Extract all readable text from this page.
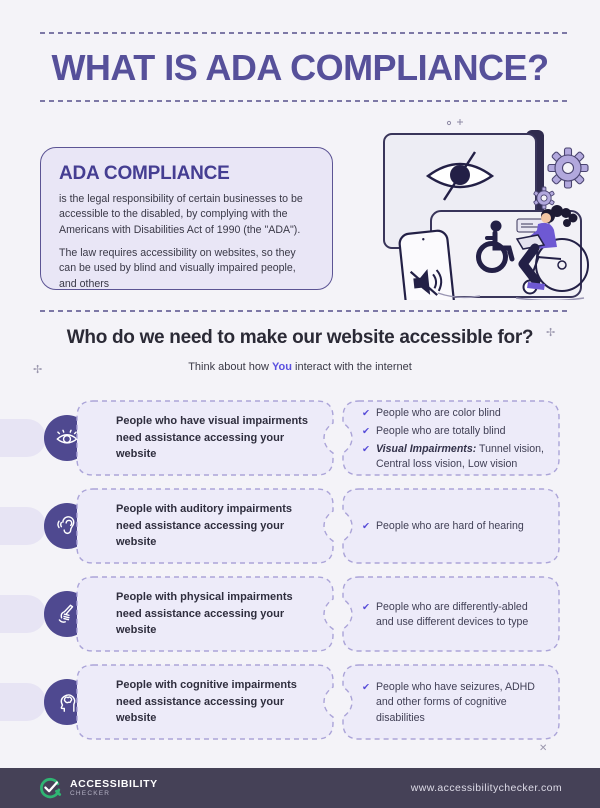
WHAT IS ADA COMPLIANCE?
ADA COMPLIANCE

is the legal responsibility of certain businesses to be accessible to the disabled, by complying with the Americans with Disabilities Act of 1990 (the "ADA").

The law requires accessibility on websites, so they can be used by blind and visually impaired people, and others

Who do we need to make our website accessible for?

Think about how You interact with the internet

✢
✢
✕

People who have visual impairments need assistance accessing your website

✔ People who are color blind
✔ People who are totally blind
✔ Visual Impairments: Tunnel vision, Central loss vision, Low vision

People with auditory impairments need assistance accessing your website

✔ People who are hard of hearing

People with physical impairments need assistance accessing your website

✔ People who are differently-abled and use different devices to type

People with cognitive impairments need assistance accessing your website

✔ People who have seizures, ADHD and other forms of cognitive disabilities
ACCESSIBILITY
CHECKER	www.accessibilitychecker.com
